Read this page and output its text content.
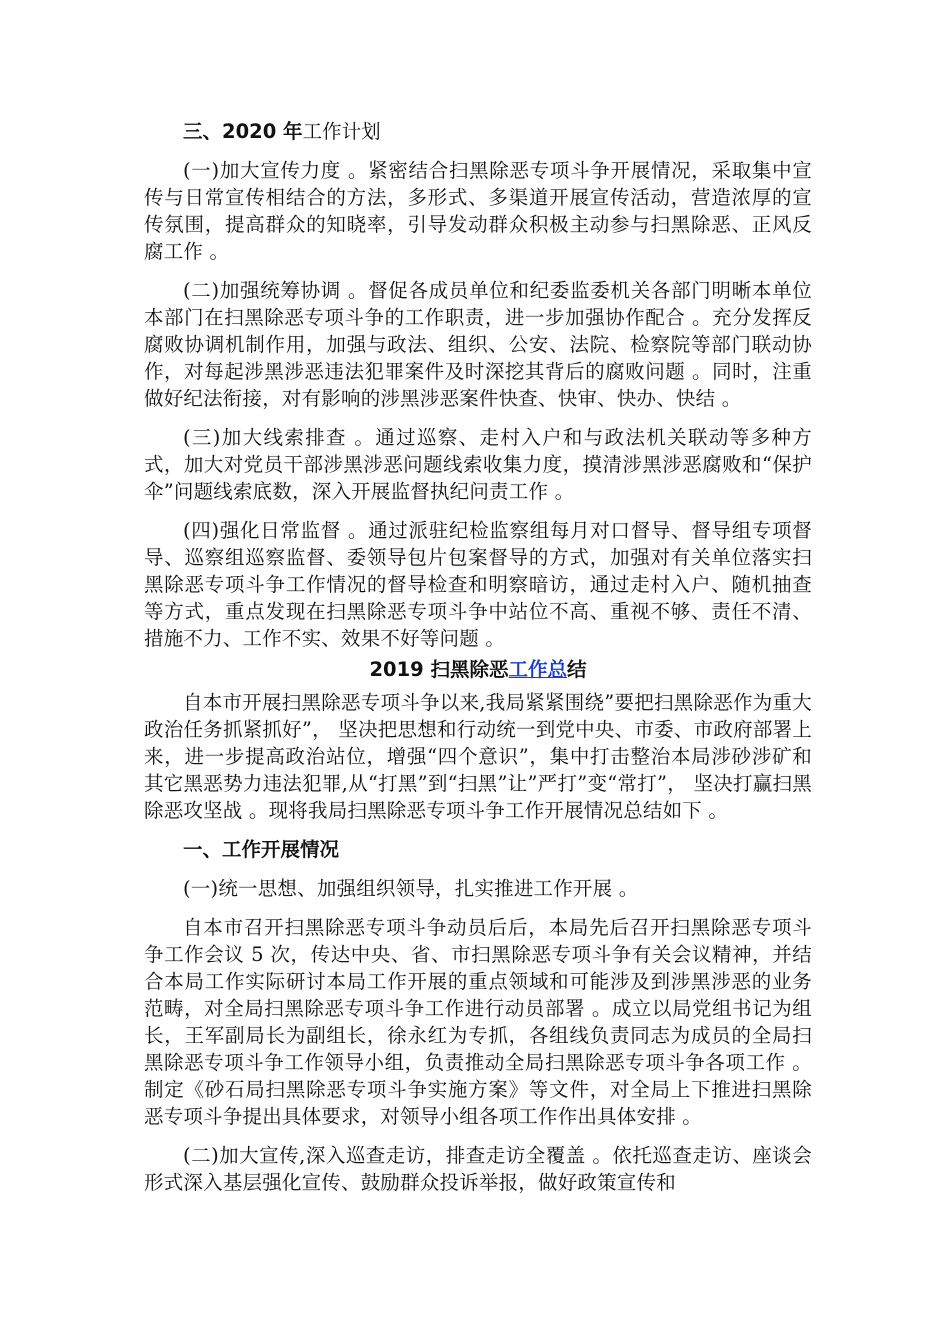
三、2020 年工作计划

(一)加大宣传力度 。紧密结合扫黑除恶专项斗争开展情况，采取集中宣传与日常宣传相结合的方法，多形式、多渠道开展宣传活动，营造浓厚的宣传氛围，提高群众的知晓率，引导发动群众积极主动参与扫黑除恶、正风反腐工作 。

(二)加强统筹协调 。督促各成员单位和纪委监委机关各部门明晰本单位本部门在扫黑除恶专项斗争的工作职责，进一步加强协作配合 。充分发挥反腐败协调机制作用，加强与政法、组织、公安、法院、检察院等部门联动协作，对每起涉黑涉恶违法犯罪案件及时深挖其背后的腐败问题 。同时，注重做好纪法衔接，对有影响的涉黑涉恶案件快查、快审、快办、快结 。

(三)加大线索排查 。通过巡察、走村入户和与政法机关联动等多种方式，加大对党员干部涉黑涉恶问题线索收集力度，摸清涉黑涉恶腐败和“保护伞”问题线索底数，深入开展监督执纪问责工作 。

(四)强化日常监督 。通过派驻纪检监察组每月对口督导、督导组专项督导、巡察组巡察监督、委领导包片包案督导的方式，加强对有关单位落实扫黑除恶专项斗争工作情况的督导检查和明察暗访，通过走村入户、随机抽查等方式，重点发现在扫黑除恶专项斗争中站位不高、重视不够、责任不清、措施不力、工作不实、效果不好等问题 。

2019 扫黑除恶工作总结

自本市开展扫黑除恶专项斗争以来,我局紧紧围绕”要把扫黑除恶作为重大政治任务抓紧抓好”， 坚决把思想和行动统一到党中央、市委、市政府部署上来，进一步提高政治站位，增强“四个意识”，集中打击整治本局涉砂涉矿和其它黑恶势力违法犯罪,从“打黑”到“扫黑”让”严打”变“常打”， 坚决打赢扫黑除恶攻坚战 。现将我局扫黑除恶专项斗争工作开展情况总结如下 。

一、工作开展情况

(一)统一思想、加强组织领导，扎实推进工作开展 。

自本市召开扫黑除恶专项斗争动员后后，本局先后召开扫黑除恶专项斗争工作会议 5 次，传达中央、省、市扫黑除恶专项斗争有关会议精神，并结合本局工作实际研讨本局工作开展的重点领域和可能涉及到涉黑涉恶的业务范畴，对全局扫黑除恶专项斗争工作进行动员部署 。成立以局党组书记为组长，王军副局长为副组长，徐永红为专抓，各组线负责同志为成员的全局扫黑除恶专项斗争工作领导小组，负责推动全局扫黑除恶专项斗争各项工作 。制定《砂石局扫黑除恶专项斗争实施方案》等文件，对全局上下推进扫黑除恶专项斗争提出具体要求，对领导小组各项工作作出具体安排 。

(二)加大宣传,深入巡查走访，排查走访全覆盖 。依托巡查走访、座谈会形式深入基层强化宣传、鼓励群众投诉举报，做好政策宣传和
